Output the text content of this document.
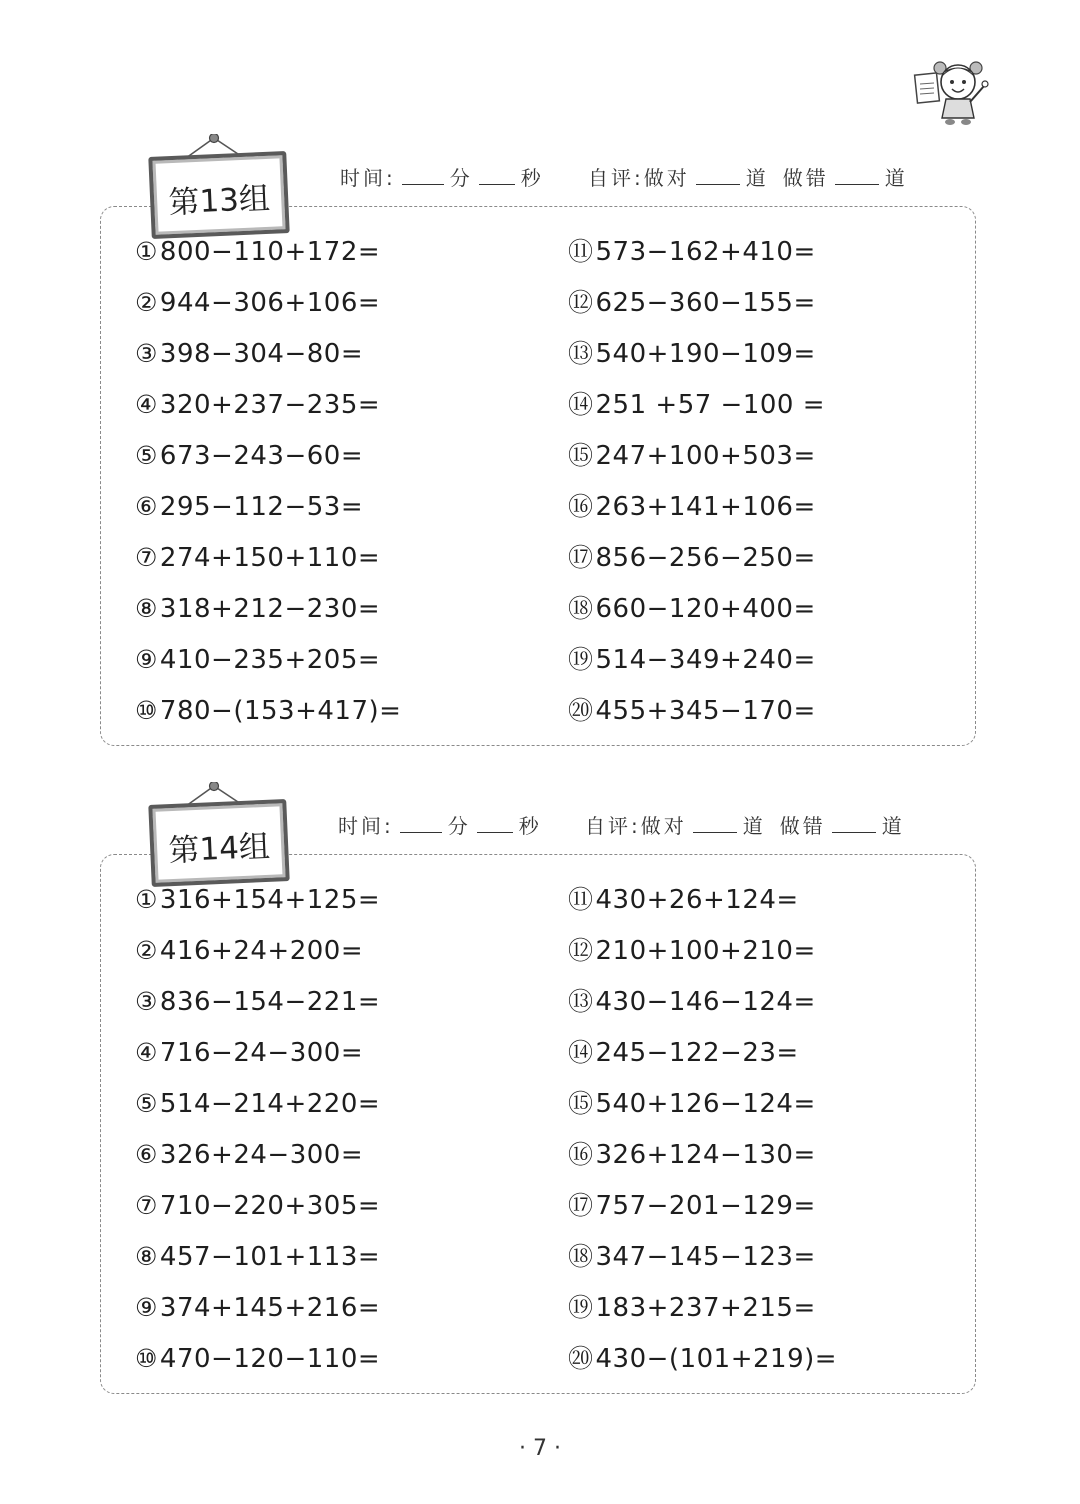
第13组
时间:	分 秒 自评:做对	道 做错	道
①800−110+172=
②944−306+106=
③398−304−80=
④320+237−235=
⑤673−243−60=
⑥295−112−53=
⑦274+150+110=
⑧318+212−230=
⑨410−235+205=
⑩780−(153+417)=
⑪573−162+410=
⑫625−360−155=
⑬540+190−109=
⑭251 +57 −100 =
⑮247+100+503=
⑯263+141+106=
⑰856−256−250=
⑱660−120+400=
⑲514−349+240=
⑳455+345−170=
第14组
时间:	分 秒 自评:做对	道 做错	道
①316+154+125=
②416+24+200=
③836−154−221=
④716−24−300=
⑤514−214+220=
⑥326+24−300=
⑦710−220+305=
⑧457−101+113=
⑨374+145+216=
⑩470−120−110=
⑪430+26+124=
⑫210+100+210=
⑬430−146−124=
⑭245−122−23=
⑮540+126−124=
⑯326+124−130=
⑰757−201−129=
⑱347−145−123=
⑲183+237+215=
⑳430−(101+219)=
· 7 ·
